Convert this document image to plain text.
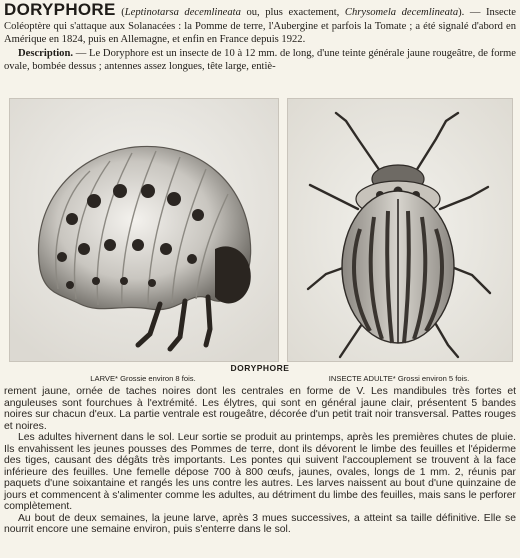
DORYPHORE (Leptinotarsa decemlineata ou, plus exactement, Chrysomela decemlineata). — Insecte Coléoptère qui s'attaque aux Solanacées : la Pomme de terre, l'Aubergine et parfois la Tomate ; a été signalé d'abord en Amérique en 1824, puis en Allemagne, et enfin en France depuis 1922.
Description. — Le Doryphore est un insecte de 10 à 12 mm. de long, d'une teinte générale jaune rougeâtre, de forme ovale, bombée dessus ; antennes assez longues, tête large, entiè-
DORYPHORE
LARVE* Grossie environ 8 fois.	INSECTE ADULTE* Grossi environ 5 fois.

rement jaune, ornée de taches noires dont les centrales en forme de V. Les mandibules très fortes et anguleuses sont fourchues à l'extrémité. Les élytres, qui sont en général jaune clair, présentent 5 bandes noires sur chacun d'eux. La partie ventrale est rougeâtre, décorée d'un petit trait noir transversal. Pattes rouges et noires.

Les adultes hivernent dans le sol. Leur sortie se produit au printemps, après les premières chutes de pluie. Ils envahissent les jeunes pousses des Pommes de terre, dont ils dévorent le limbe des feuilles et l'épiderme des tiges, causant des dégâts très importants. Les pontes qui suivent l'accouplement se trouvent à la face inférieure des feuilles. Une femelle dépose 700 à 800 œufs, jaunes, ovales, longs de 1 mm. 2, réunis par paquets d'une soixantaine et rangés les uns contre les autres. Les larves naissent au bout d'une quinzaine de jours et commencent à s'alimenter comme les adultes, au détriment du limbe des feuilles, mais sans le perforer complètement.

Au bout de deux semaines, la jeune larve, après 3 mues successives, a atteint sa taille définitive. Elle se nourrit encore une semaine environ, puis s'enterre dans le sol.
